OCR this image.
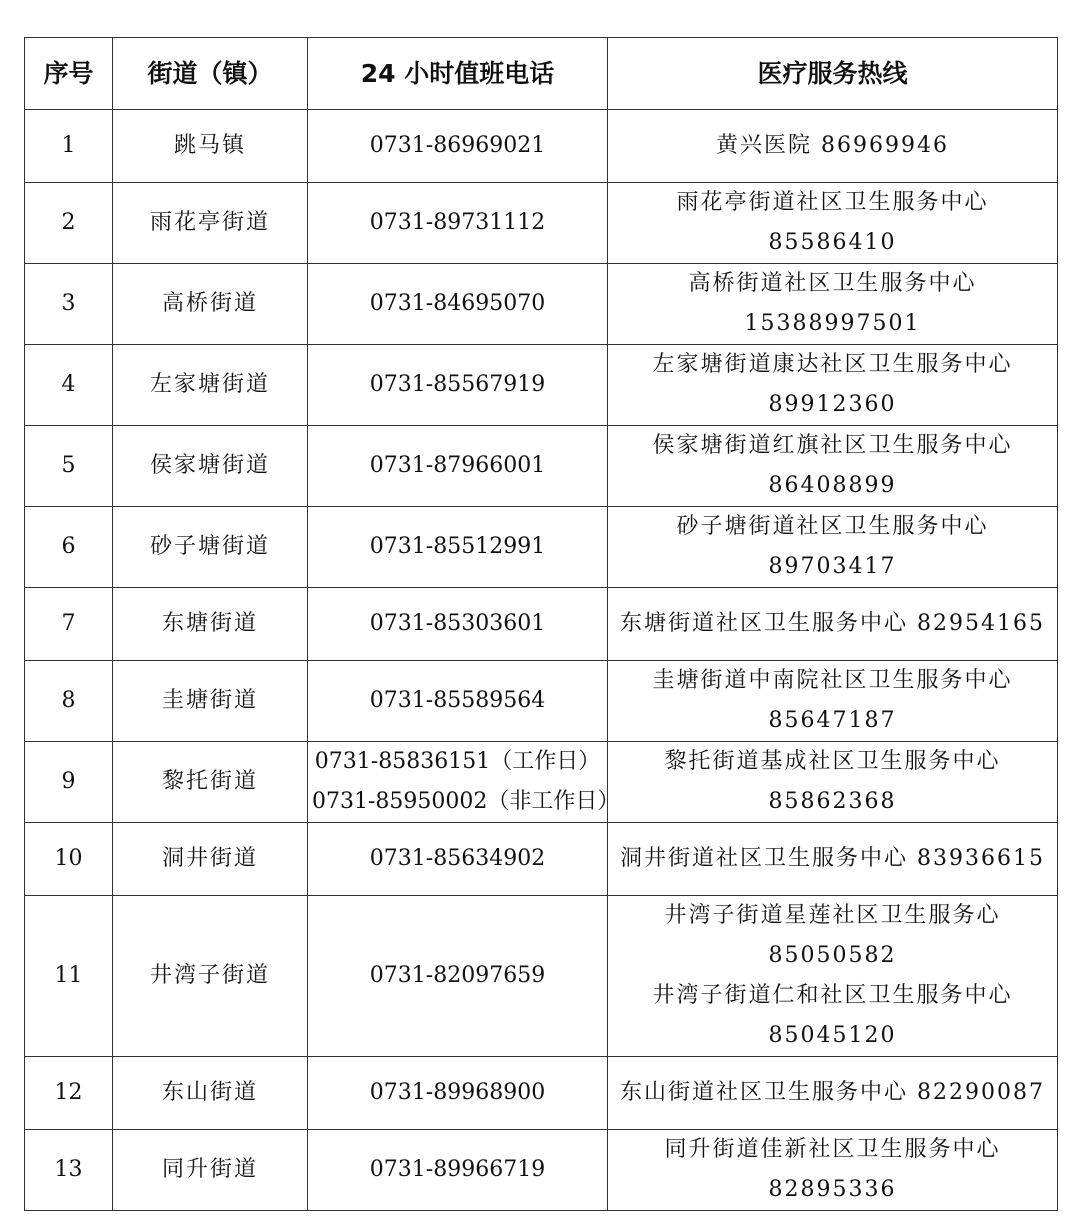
序号	街道（镇）	24 小时值班电话	医疗服务热线
1	跳马镇	0731-86969021	黄兴医院 86969946

2	雨花亭街道	0731-89731112	雨花亭街道社区卫生服务中心
85586410

3	高桥街道	0731-84695070	高桥街道社区卫生服务中心
15388997501

4	左家塘街道	0731-85567919	左家塘街道康达社区卫生服务中心
89912360

5	侯家塘街道	0731-87966001	侯家塘街道红旗社区卫生服务中心
86408899

6	砂子塘街道	0731-85512991	砂子塘街道社区卫生服务中心
89703417

7	东塘街道	0731-85303601	东塘街道社区卫生服务中心 82954165

8	圭塘街道	0731-85589564	圭塘街道中南院社区卫生服务中心
85647187

9	黎托街道	0731-85836151（工作日）
0731-85950002（非工作日）	黎托街道基成社区卫生服务中心
85862368

10	洞井街道	0731-85634902	洞井街道社区卫生服务中心 83936615

11	井湾子街道	0731-82097659	井湾子街道星莲社区卫生服务心
85050582
井湾子街道仁和社区卫生服务中心
85045120

12	东山街道	0731-89968900	东山街道社区卫生服务中心 82290087

13	同升街道	0731-89966719	同升街道佳新社区卫生服务中心
82895336
